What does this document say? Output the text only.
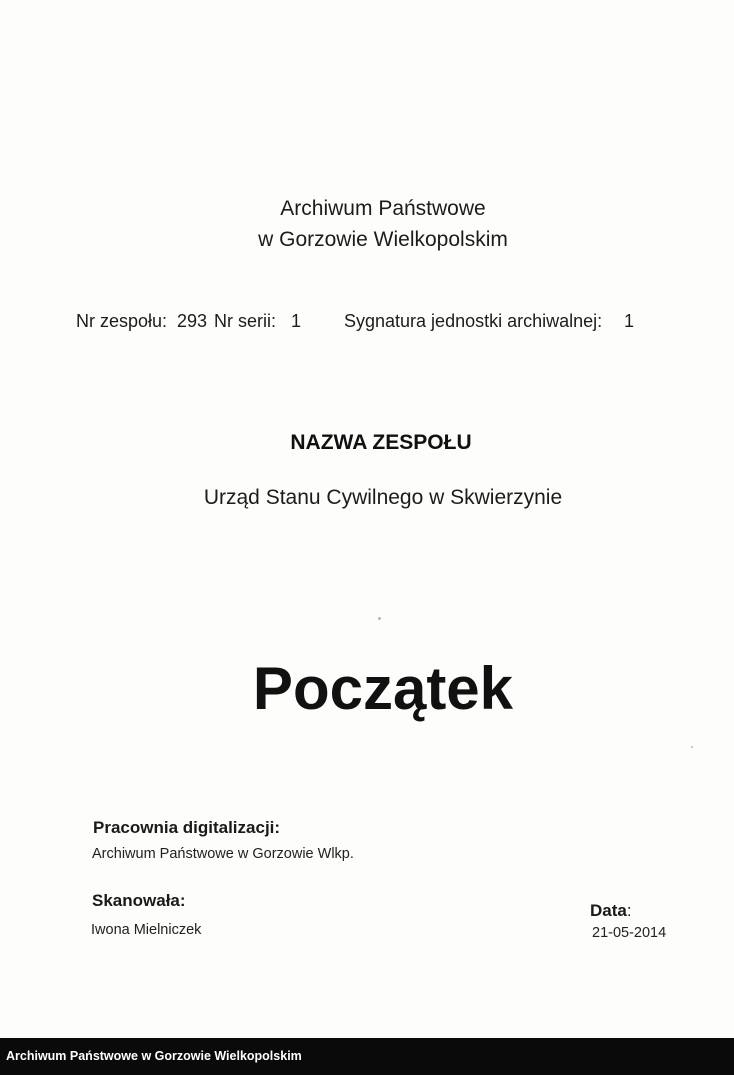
Archiwum Państwowe
w Gorzowie Wielkopolskim
Nr zespołu: 293 Nr serii: 1 Sygnatura jednostki archiwalnej: 1
NAZWA ZESPOŁU
Urząd Stanu Cywilnego w Skwierzynie
Początek
Pracownia digitalizacji:
Archiwum Państwowe w Gorzowie Wlkp.
Skanowała:
Iwona Mielniczek
Data:
21-05-2014
Archiwum Państwowe w Gorzowie Wielkopolskim
